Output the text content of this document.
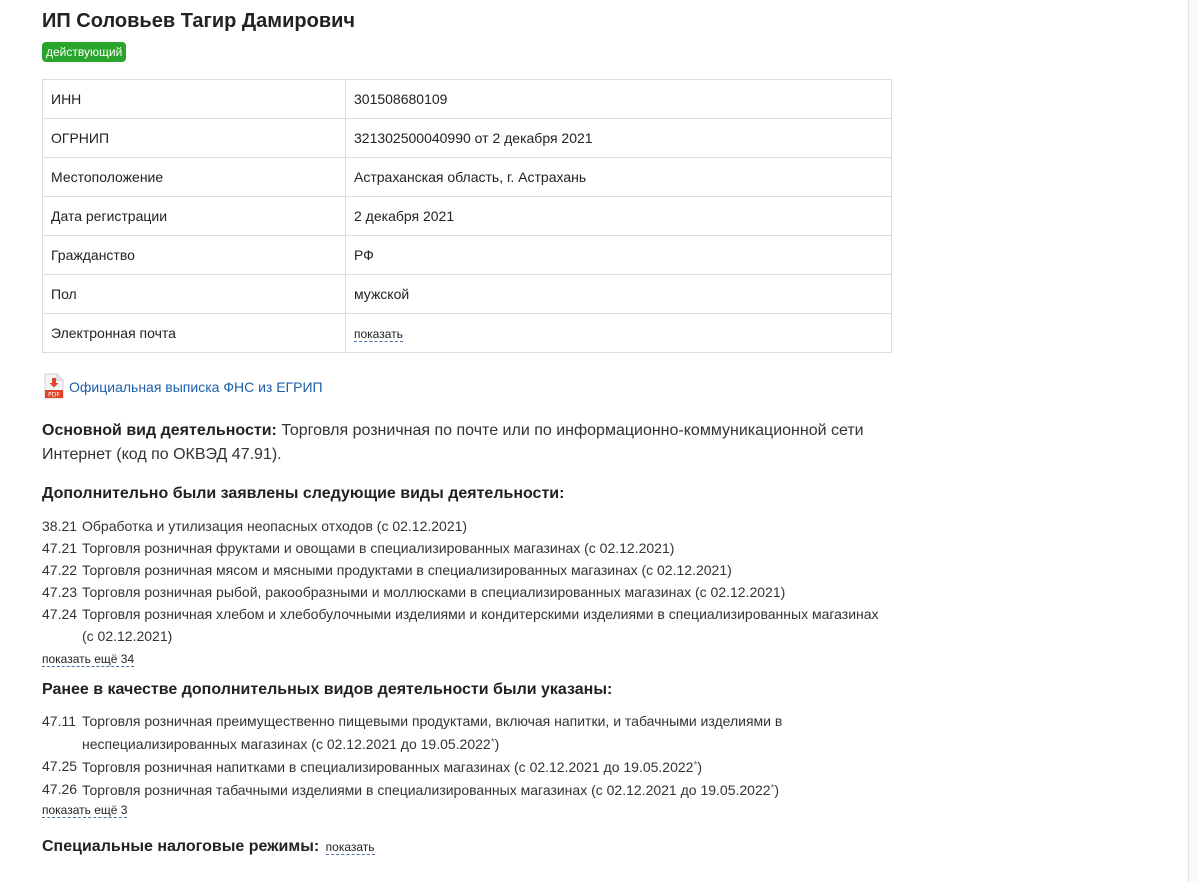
ИП Соловьев Тагир Дамирович
действующий
ИНН	301508680109
ОГРНИП	321302500040990 от 2 декабря 2021
Местоположение	Астраханская область, г. Астрахань
Дата регистрации	2 декабря 2021
Гражданство	РФ
Пол	мужской
Электронная почта	показать
PDF
Официальная выписка ФНС из ЕГРИП
Основной вид деятельности: Торговля розничная по почте или по информационно-коммуникационной сети Интернет (код по ОКВЭД 47.91).
Дополнительно были заявлены следующие виды деятельности:
38.21 Обработка и утилизация неопасных отходов (с 02.12.2021)
47.21 Торговля розничная фруктами и овощами в специализированных магазинах (с 02.12.2021)
47.22 Торговля розничная мясом и мясными продуктами в специализированных магазинах (с 02.12.2021)
47.23 Торговля розничная рыбой, ракообразными и моллюсками в специализированных магазинах (с 02.12.2021)
47.24 Торговля розничная хлебом и хлебобулочными изделиями и кондитерскими изделиями в специализированных магазинах (с 02.12.2021)
показать ещё 34
Ранее в качестве дополнительных видов деятельности были указаны:
47.11 Торговля розничная преимущественно пищевыми продуктами, включая напитки, и табачными изделиями в неспециализированных магазинах (с 02.12.2021 до 19.05.2022*)
47.25 Торговля розничная напитками в специализированных магазинах (с 02.12.2021 до 19.05.2022*)
47.26 Торговля розничная табачными изделиями в специализированных магазинах (с 02.12.2021 до 19.05.2022*)
показать ещё 3
Специальные налоговые режимы: показать
